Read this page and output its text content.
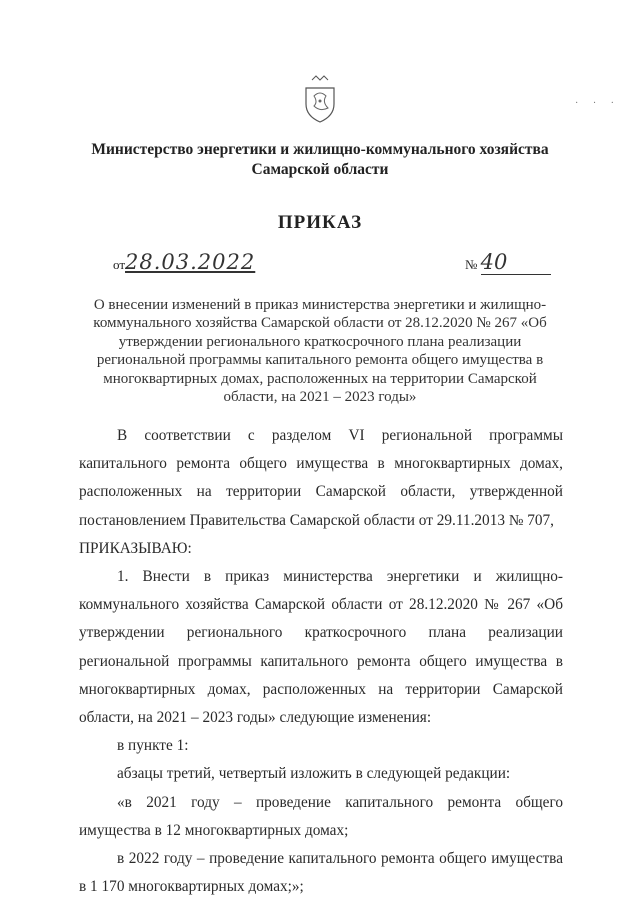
· · ·
Министерство энергетики и жилищно-коммунального хозяйства
Самарской области
ПРИКАЗ
от28.03.2022	№ 40
О внесении изменений в приказ министерства энергетики и жилищно-коммунального хозяйства Самарской области от 28.12.2020 № 267 «Об утверждении регионального краткосрочного плана реализации региональной программы капитального ремонта общего имущества в многоквартирных домах, расположенных на территории Самарской области, на 2021 – 2023 годы»

В соответствии с разделом VI региональной программы капитального ремонта общего имущества в многоквартирных домах, расположенных на территории Самарской области, утвержденной постановлением Правительства Самарской области от 29.11.2013 № 707,

ПРИКАЗЫВАЮ:

1. Внести в приказ министерства энергетики и жилищно-коммунального хозяйства Самарской области от 28.12.2020 № 267 «Об утверждении регионального краткосрочного плана реализации региональной программы капитального ремонта общего имущества в многоквартирных домах, расположенных на территории Самарской области, на 2021 – 2023 годы» следующие изменения:

в пункте 1:

абзацы третий, четвертый изложить в следующей редакции:

«в 2021 году – проведение капитального ремонта общего имущества в 12 многоквартирных домах;

в 2022 году – проведение капитального ремонта общего имущества в 1 170 многоквартирных домах;»;
